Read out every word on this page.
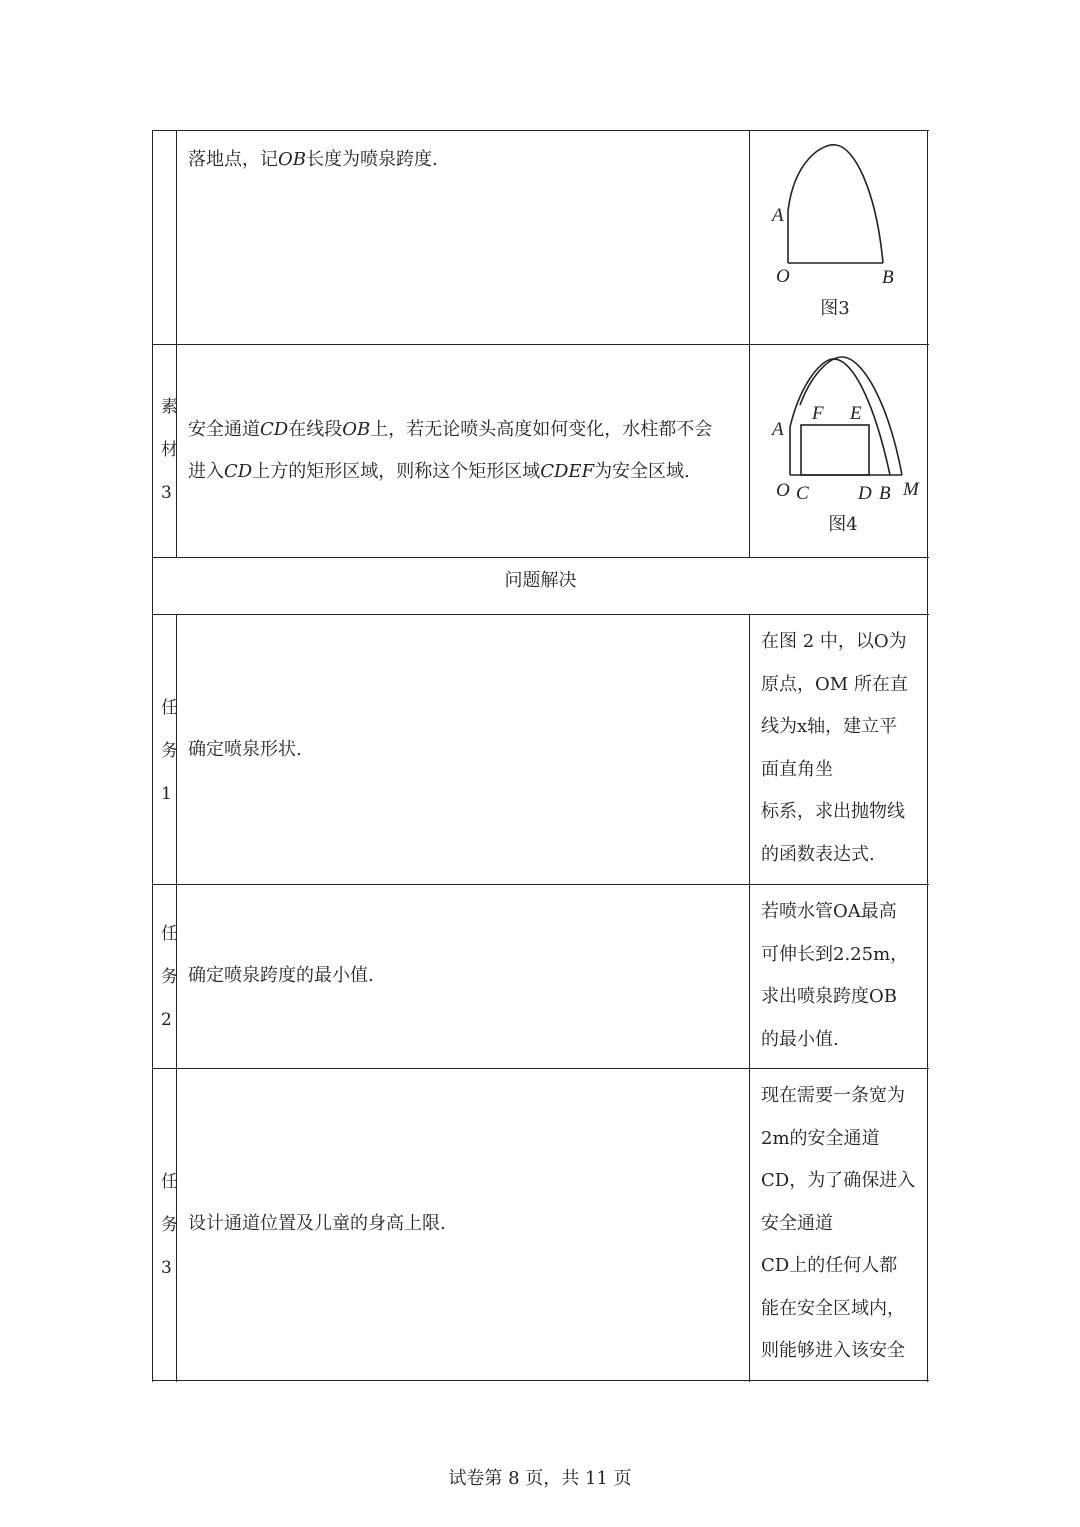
落地点，记OB长度为喷泉跨度.
A
O	B
图3
素
材
3
安全通道CD在线段OB上，若无论喷头高度如何变化，水柱都不会
进入CD上方的矩形区域，则称这个矩形区域CDEF为安全区域.
A
F E
O C	D B M
图4
问题解决
任
务
1
确定喷泉形状.
在图 2 中，以O为
原点，OM 所在直
线为x轴，建立平
面直角坐
标系，求出抛物线
的函数表达式.
任
务
2
确定喷泉跨度的最小值.
若喷水管OA最高
可伸长到2.25m，
求出喷泉跨度OB
的最小值.
任
务
3
设计通道位置及儿童的身高上限.
现在需要一条宽为
2m的安全通道
CD，为了确保进入
安全通道
CD上的任何人都
能在安全区域内，
则能够进入该安全
试卷第 8 页，共 11 页
